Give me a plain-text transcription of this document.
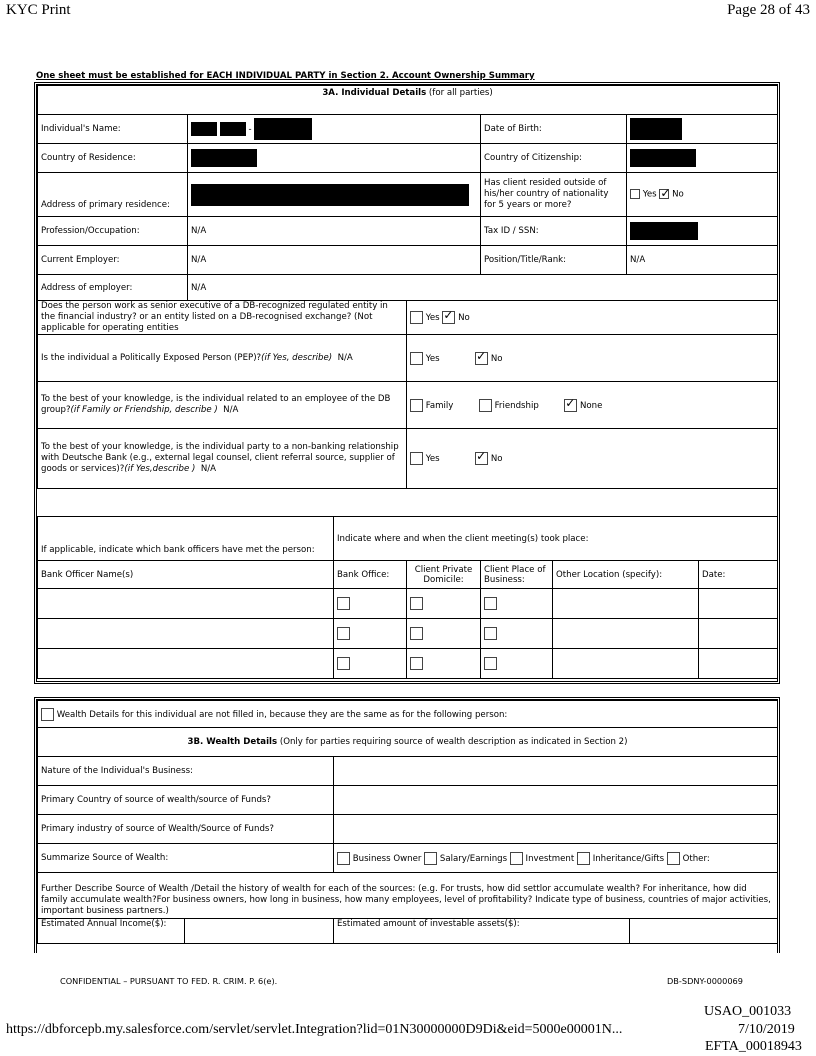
KYC Print	Page 28 of 43
One sheet must be established for EACH INDIVIDUAL PARTY in Section 2. Account Ownership Summary
3A. Individual Details (for all parties)							
Individual's Name:	-			Date of Birth:			
Country of Residence:				Country of Citizenship:			
Address of primary residence:				Has client resided outside of his/her country of nationality for 5 years or more?		Yes ✓ No
Profession/Occupation:	N/A			Tax ID / SSN:			
Current Employer:	N/A			Position/Title/Rank:		N/A	
Address of employer:	N/A						
Does the person work as senior executive of a DB-recognized regulated entity in the financial industry? or an entity listed on a DB-recognised exchange? (Not applicable for operating entities			Yes ✓ No
Is the individual a Politically Exposed Person (PEP)?(if Yes, describe) N/A			Yes ✓ No
To the best of your knowledge, is the individual related to an employee of the DB group?(if Family or Friendship, describe ) N/A			Family Friendship ✓ None
To the best of your knowledge, is the individual party to a non-banking relationship with Deutsche Bank (e.g., external legal counsel, client referral source, supplier of goods or services)?(if Yes,describe ) N/A			Yes ✓ No

If applicable, indicate which bank officers have met the person:		Indicate where and when the client meeting(s) took place:					
Bank Officer Name(s)		Bank Office:	Client Private Domicile:	Client Place of Business:	Other Location (specify):		Date:

Wealth Details for this individual are not filled in, because they are the same as for the following person:			
3B. Wealth Details (Only for parties requiring source of wealth description as indicated in Section 2)			
Nature of the Individual's Business:			
Primary Country of source of wealth/source of Funds?			
Primary industry of source of Wealth/Source of Funds?			
Summarize Source of Wealth:		Business Owner Salary/Earnings Investment Inheritance/Gifts Other:	
Further Describe Source of Wealth /Detail the history of wealth for each of the sources: (e.g. For trusts, how did settlor accumulate wealth? For inheritance, how did family accumulate wealth?For business owners, how long in business, how many employees, level of profitability? Indicate type of business, countries of major activities, important business partners.)			
Estimated Annual Income($):		Estimated amount of investable assets($):	
CONFIDENTIAL – PURSUANT TO FED. R. CRIM. P. 6(e).	DB-SDNY-0000069
USAO_001033
https://dbforcepb.my.salesforce.com/servlet/servlet.Integration?lid=01N30000000D9Di&eid=5000e00001N...	7/10/2019
EFTA_00018943
